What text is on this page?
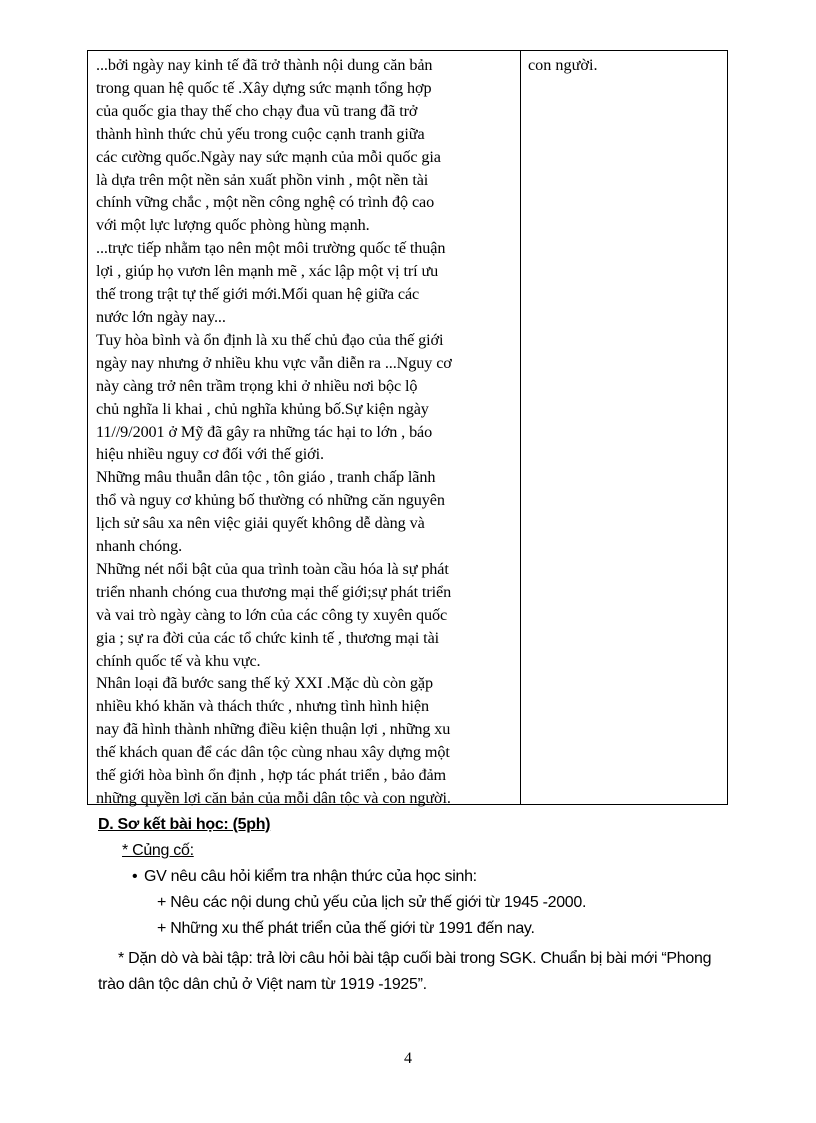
...bởi ngày nay kinh tế đã trở thành nội dung căn bản

trong quan hệ quốc tế .Xây dựng sức mạnh tổng hợp

của quốc gia thay thế cho chạy đua vũ trang đã trở

thành hình thức chủ yếu trong cuộc cạnh tranh giữa

các cường quốc.Ngày nay sức mạnh của mỗi quốc gia

là dựa trên một nền sản xuất phồn vinh , một nền tài

chính vững chắc , một nền công nghệ có trình độ cao

với một lực lượng quốc phòng hùng mạnh.

...trực tiếp nhằm tạo nên một môi trường quốc tế thuận

lợi , giúp họ vươn lên mạnh mẽ , xác lập một vị trí ưu

thế trong trật tự thế giới mới.Mối quan hệ giữa các

nước lớn ngày nay...

Tuy hòa bình và ổn định là xu thế chủ đạo của thế giới

ngày nay nhưng ở nhiều khu vực vẫn diễn ra ...Nguy cơ

này càng trở nên trầm trọng khi ở nhiều nơi bộc lộ

chủ nghĩa li khai , chủ nghĩa khủng bố.Sự kiện ngày

11//9/2001 ở Mỹ đã gây ra những tác hại to lớn , báo

hiệu nhiều nguy cơ đối với thế giới.

Những mâu thuẫn dân tộc , tôn giáo , tranh chấp lãnh

thổ và nguy cơ khủng bố thường có những căn nguyên

lịch sử sâu xa nên việc giải quyết không dễ dàng và

nhanh chóng.

Những nét nổi bật của qua trình toàn cầu hóa là sự phát

triển nhanh chóng cua thương mại thế giới;sự phát triển

và vai trò ngày càng to lớn của các công ty xuyên quốc

gia ; sự ra đời của các tổ chức kinh tế , thương mại tài

chính quốc tế và khu vực.

Nhân loại đã bước sang thế kỷ XXI .Mặc dù còn gặp

nhiều khó khăn và thách thức , nhưng tình hình hiện

nay đã hình thành những điều kiện thuận lợi , những xu

thế khách quan để các dân tộc cùng nhau xây dựng một

thế giới hòa bình ổn định , hợp tác phát triển , bảo đảm

những quyền lợi căn bản của mỗi dân tộc và con người.

con người.

D. Sơ kết bài học: (5ph)

* Củng cố:

• GV nêu câu hỏi kiểm tra nhận thức của học sinh:

+ Nêu các nội dung chủ yếu của lịch sử thế giới từ 1945 -2000.

+ Những xu thế phát triển của thế giới từ 1991 đến nay.

* Dặn dò và bài tập: trả lời câu hỏi bài tập cuối bài trong SGK. Chuẩn bị bài mới “Phong trào dân tộc dân chủ ở Việt nam từ 1919 -1925”.

4
